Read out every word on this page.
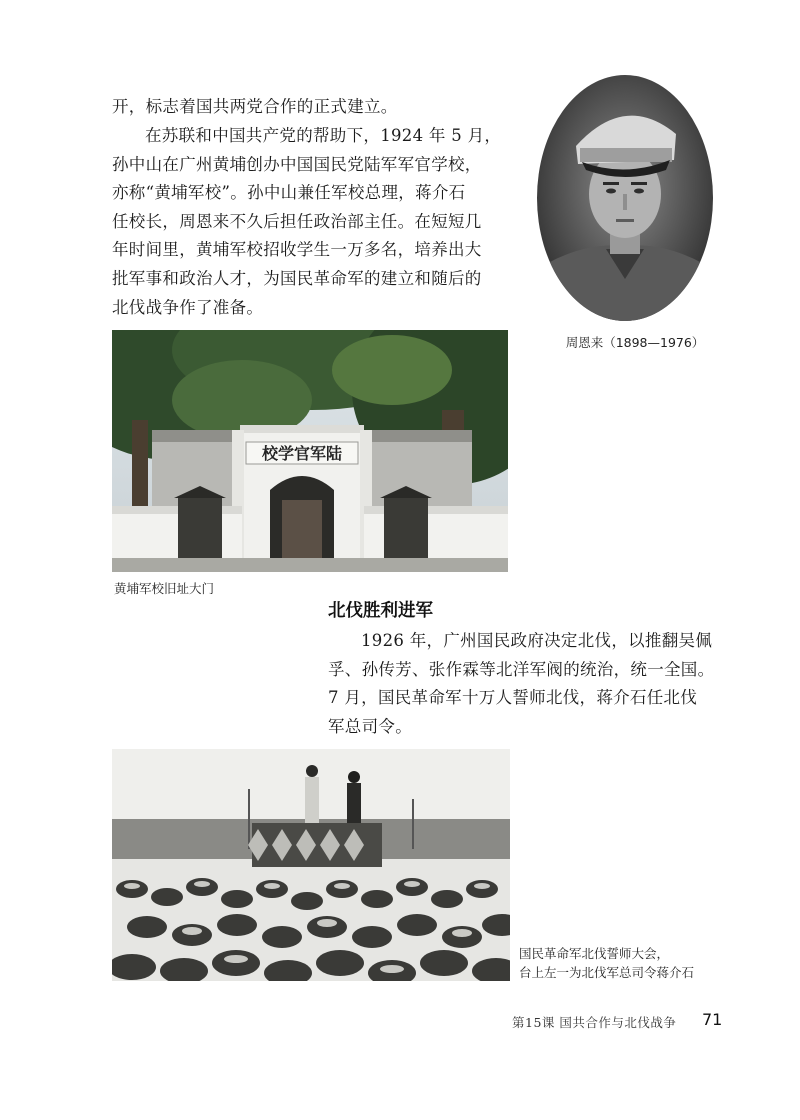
开，标志着国共两党合作的正式建立。

在苏联和中国共产党的帮助下，1924 年 5 月，

孙中山在广州黄埔创办中国国民党陆军军官学校，

亦称“黄埔军校”。孙中山兼任军校总理，蒋介石

任校长，周恩来不久后担任政治部主任。在短短几

年时间里，黄埔军校招收学生一万多名，培养出大

批军事和政治人才，为国民革命军的建立和随后的

北伐战争作了准备。

周恩来（1898—1976）
校学官军陆
黄埔军校旧址大门
北伐胜利进军

1926 年，广州国民政府决定北伐，以推翻吴佩

孚、孙传芳、张作霖等北洋军阀的统治，统一全国。

7 月，国民革命军十万人誓师北伐，蒋介石任北伐

军总司令。

国民革命军北伐誓师大会，
台上左一为北伐军总司令蒋介石
第15课 国共合作与北伐战争 71
